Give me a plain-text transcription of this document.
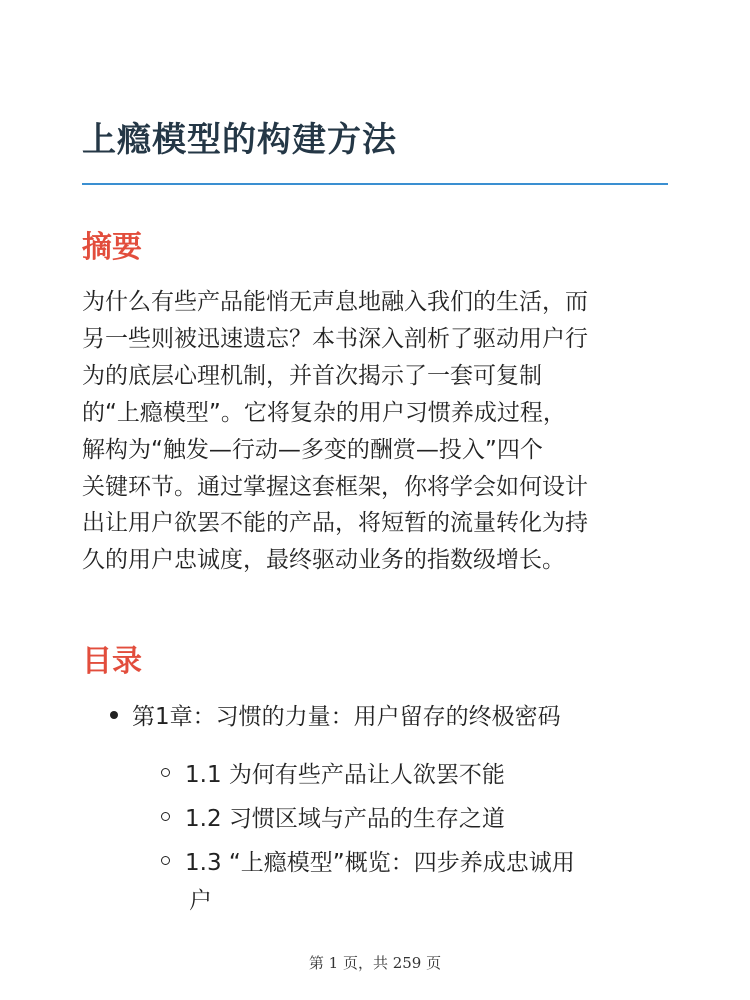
上瘾模型的构建方法
摘要

为什么有些产品能悄无声息地融入我们的生活，而
另一些则被迅速遗忘？本书深入剖析了驱动用户行
为的底层心理机制，并首次揭示了一套可复制
的“上瘾模型”。它将复杂的用户习惯养成过程，
解构为“触发—行动—多变的酬赏—投入”四个
关键环节。通过掌握这套框架，你将学会如何设计
出让用户欲罢不能的产品，将短暂的流量转化为持
久的用户忠诚度，最终驱动业务的指数级增长。

目录
第1章：习惯的力量：用户留存的终极密码
1.1 为何有些产品让人欲罢不能
1.2 习惯区域与产品的生存之道
1.3 “上瘾模型”概览：四步养成忠诚用
户
第 1 页，共 259 页
